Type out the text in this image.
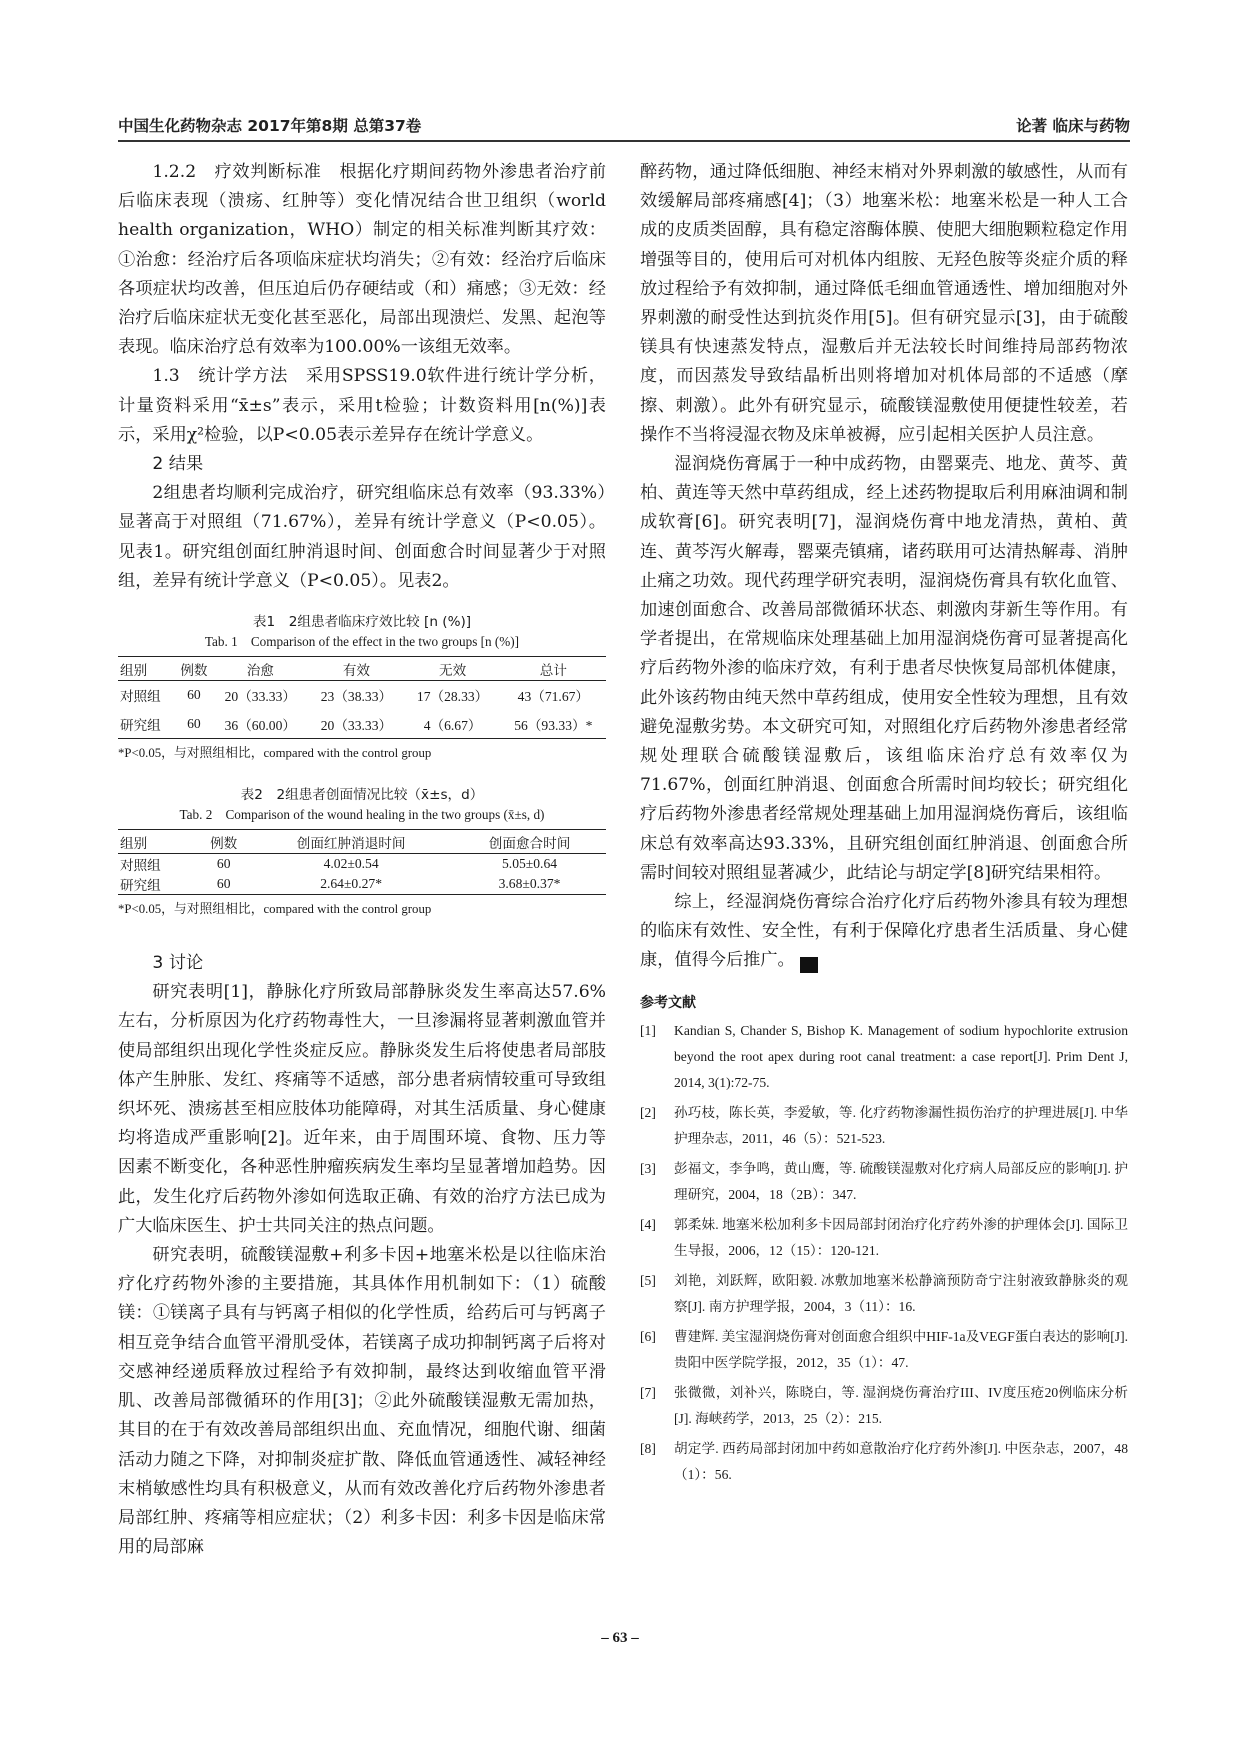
中国生化药物杂志 2017年第8期 总第37卷	论著 临床与药物

1.2.2　疗效判断标准　根据化疗期间药物外渗患者治疗前后临床表现（溃疡、红肿等）变化情况结合世卫组织（world health organization，WHO）制定的相关标准判断其疗效：①治愈：经治疗后各项临床症状均消失；②有效：经治疗后临床各项症状均改善，但压迫后仍存硬结或（和）痛感；③无效：经治疗后临床症状无变化甚至恶化，局部出现溃烂、发黑、起泡等表现。临床治疗总有效率为100.00%一该组无效率。

1.3　统计学方法　采用SPSS19.0软件进行统计学分析，计量资料采用“x̄±s”表示，采用t检验；计数资料用[n(%)]表示，采用χ²检验，以P<0.05表示差异存在统计学意义。

2 结果

2组患者均顺利完成治疗，研究组临床总有效率（93.33%）显著高于对照组（71.67%），差异有统计学意义（P<0.05）。见表1。研究组创面红肿消退时间、创面愈合时间显著少于对照组，差异有统计学意义（P<0.05）。见表2。

表1　2组患者临床疗效比较 [n (%)]
Tab. 1　Comparison of the effect in the two groups [n (%)]
组别	例数	治愈	有效	无效	总计
对照组	60	20（33.33）	23（38.33）	17（28.33）	43（71.67）
研究组	60	36（60.00）	20（33.33）	4（6.67）	56（93.33）*
*P<0.05，与对照组相比，compared with the control group
表2　2组患者创面情况比较（x̄±s，d）
Tab. 2　Comparison of the wound healing in the two groups (x̄±s, d)
组别	例数	创面红肿消退时间	创面愈合时间
对照组	60	4.02±0.54	5.05±0.64
研究组	60	2.64±0.27*	3.68±0.37*
*P<0.05，与对照组相比，compared with the control group
3 讨论

研究表明[1]，静脉化疗所致局部静脉炎发生率高达57.6%左右，分析原因为化疗药物毒性大，一旦渗漏将显著刺激血管并使局部组织出现化学性炎症反应。静脉炎发生后将使患者局部肢体产生肿胀、发红、疼痛等不适感，部分患者病情较重可导致组织坏死、溃疡甚至相应肢体功能障碍，对其生活质量、身心健康均将造成严重影响[2]。近年来，由于周围环境、食物、压力等因素不断变化，各种恶性肿瘤疾病发生率均呈显著增加趋势。因此，发生化疗后药物外渗如何选取正确、有效的治疗方法已成为广大临床医生、护士共同关注的热点问题。

研究表明，硫酸镁湿敷+利多卡因+地塞米松是以往临床治疗化疗药物外渗的主要措施，其具体作用机制如下：（1）硫酸镁：①镁离子具有与钙离子相似的化学性质，给药后可与钙离子相互竞争结合血管平滑肌受体，若镁离子成功抑制钙离子后将对交感神经递质释放过程给予有效抑制，最终达到收缩血管平滑肌、改善局部微循环的作用[3]；②此外硫酸镁湿敷无需加热，其目的在于有效改善局部组织出血、充血情况，细胞代谢、细菌活动力随之下降，对抑制炎症扩散、降低血管通透性、减轻神经末梢敏感性均具有积极意义，从而有效改善化疗后药物外渗患者局部红肿、疼痛等相应症状；（2）利多卡因：利多卡因是临床常用的局部麻

醉药物，通过降低细胞、神经末梢对外界刺激的敏感性，从而有效缓解局部疼痛感[4]；（3）地塞米松：地塞米松是一种人工合成的皮质类固醇，具有稳定溶酶体膜、使肥大细胞颗粒稳定作用增强等目的，使用后可对机体内组胺、无羟色胺等炎症介质的释放过程给予有效抑制，通过降低毛细血管通透性、增加细胞对外界刺激的耐受性达到抗炎作用[5]。但有研究显示[3]，由于硫酸镁具有快速蒸发特点，湿敷后并无法较长时间维持局部药物浓度，而因蒸发导致结晶析出则将增加对机体局部的不适感（摩擦、刺激）。此外有研究显示，硫酸镁湿敷使用便捷性较差，若操作不当将浸湿衣物及床单被褥，应引起相关医护人员注意。

湿润烧伤膏属于一种中成药物，由罂粟壳、地龙、黄芩、黄柏、黄连等天然中草药组成，经上述药物提取后利用麻油调和制成软膏[6]。研究表明[7]，湿润烧伤膏中地龙清热，黄柏、黄连、黄芩泻火解毒，罂粟壳镇痛，诸药联用可达清热解毒、消肿止痛之功效。现代药理学研究表明，湿润烧伤膏具有软化血管、加速创面愈合、改善局部微循环状态、刺激肉芽新生等作用。有学者提出，在常规临床处理基础上加用湿润烧伤膏可显著提高化疗后药物外渗的临床疗效，有利于患者尽快恢复局部机体健康，此外该药物由纯天然中草药组成，使用安全性较为理想，且有效避免湿敷劣势。本文研究可知，对照组化疗后药物外渗患者经常规处理联合硫酸镁湿敷后，该组临床治疗总有效率仅为71.67%，创面红肿消退、创面愈合所需时间均较长；研究组化疗后药物外渗患者经常规处理基础上加用湿润烧伤膏后，该组临床总有效率高达93.33%，且研究组创面红肿消退、创面愈合所需时间较对照组显著减少，此结论与胡定学[8]研究结果相符。

综上，经湿润烧伤膏综合治疗化疗后药物外渗具有较为理想的临床有效性、安全性，有利于保障化疗患者生活质量、身心健康，值得今后推广。	CP

参考文献
[1] Kandian S, Chander S, Bishop K. Management of sodium hypochlorite extrusion beyond the root apex during root canal treatment: a case report[J]. Prim Dent J, 2014, 3(1):72-75.
[2] 孙巧枝，陈长英，李爱敏，等. 化疗药物渗漏性损伤治疗的护理进展[J]. 中华护理杂志，2011，46（5）：521-523.
[3] 彭福文，李争鸣，黄山鹰，等. 硫酸镁湿敷对化疗病人局部反应的影响[J]. 护理研究，2004，18（2B）：347.
[4] 郭柔妹. 地塞米松加利多卡因局部封闭治疗化疗药外渗的护理体会[J]. 国际卫生导报，2006，12（15）：120-121.
[5] 刘艳，刘跃辉，欧阳毅. 冰敷加地塞米松静滴预防奇宁注射液致静脉炎的观察[J]. 南方护理学报，2004，3（11）：16.
[6] 曹建辉. 美宝湿润烧伤膏对创面愈合组织中HIF-1a及VEGF蛋白表达的影响[J]. 贵阳中医学院学报，2012，35（1）：47.
[7] 张微微，刘补兴，陈晓白，等. 湿润烧伤膏治疗III、IV度压疮20例临床分析[J]. 海峡药学，2013，25（2）：215.
[8] 胡定学. 西药局部封闭加中药如意散治疗化疗药外渗[J]. 中医杂志，2007，48（1）：56.
– 63 –
